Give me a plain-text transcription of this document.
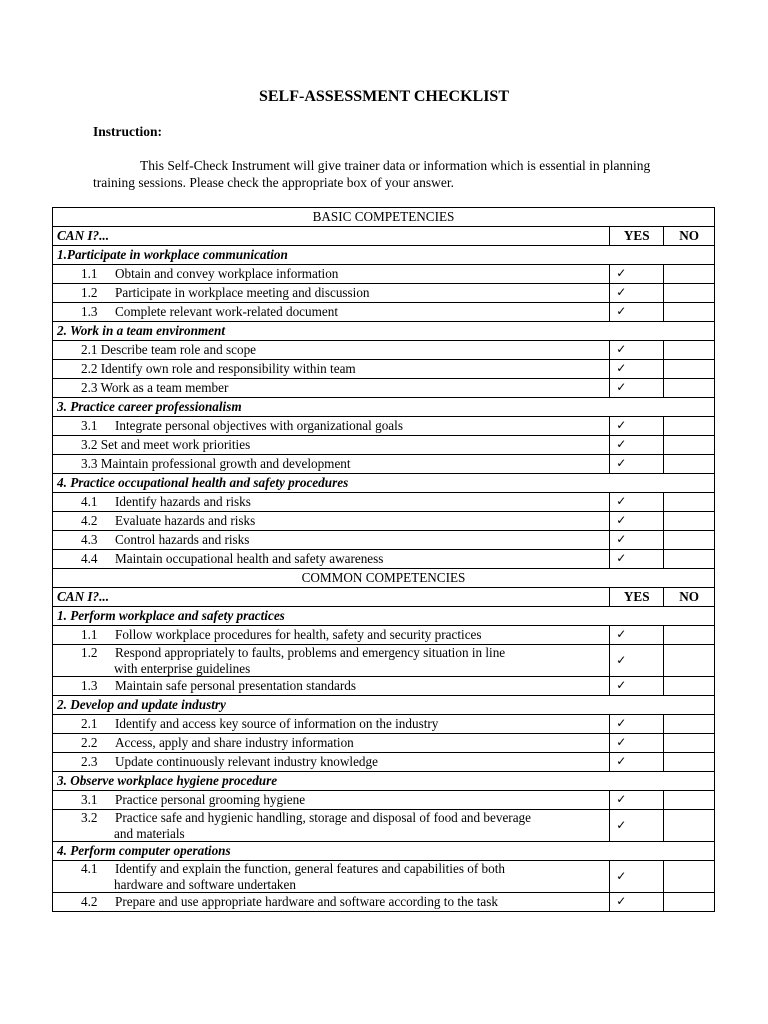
SELF-ASSESSMENT CHECKLIST
Instruction:
This Self-Check Instrument will give trainer data or information which is essential in planning training sessions. Please check the appropriate box of your answer.
BASIC COMPETENCIES		
CAN I?...	YES	NO
1.Participate in workplace communication		
1.1 Obtain and convey workplace information	✓	
1.2 Participate in workplace meeting and discussion	✓	
1.3 Complete relevant work-related document	✓	
2. Work in a team environment		
2.1 Describe team role and scope	✓	
2.2 Identify own role and responsibility within team	✓	
2.3 Work as a team member	✓	
3. Practice career professionalism		
3.1 Integrate personal objectives with organizational goals	✓	
3.2 Set and meet work priorities	✓	
3.3 Maintain professional growth and development	✓	
4. Practice occupational health and safety procedures		
4.1 Identify hazards and risks	✓	
4.2 Evaluate hazards and risks	✓	
4.3 Control hazards and risks	✓	
4.4 Maintain occupational health and safety awareness	✓	
COMMON COMPETENCIES		
CAN I?...	YES	NO
1. Perform workplace and safety practices		
1.1 Follow workplace procedures for health, safety and security practices	✓	
1.2 Respond appropriately to faults, problems and emergency situation in line
with enterprise guidelines	✓	
1.3 Maintain safe personal presentation standards	✓	
2. Develop and update industry		
2.1 Identify and access key source of information on the industry	✓	
2.2 Access, apply and share industry information	✓	
2.3 Update continuously relevant industry knowledge	✓	
3. Observe workplace hygiene procedure		
3.1 Practice personal grooming hygiene	✓	
3.2 Practice safe and hygienic handling, storage and disposal of food and beverage
and materials	✓	
4. Perform computer operations		
4.1 Identify and explain the function, general features and capabilities of both
hardware and software undertaken	✓	
4.2 Prepare and use appropriate hardware and software according to the task	✓	
